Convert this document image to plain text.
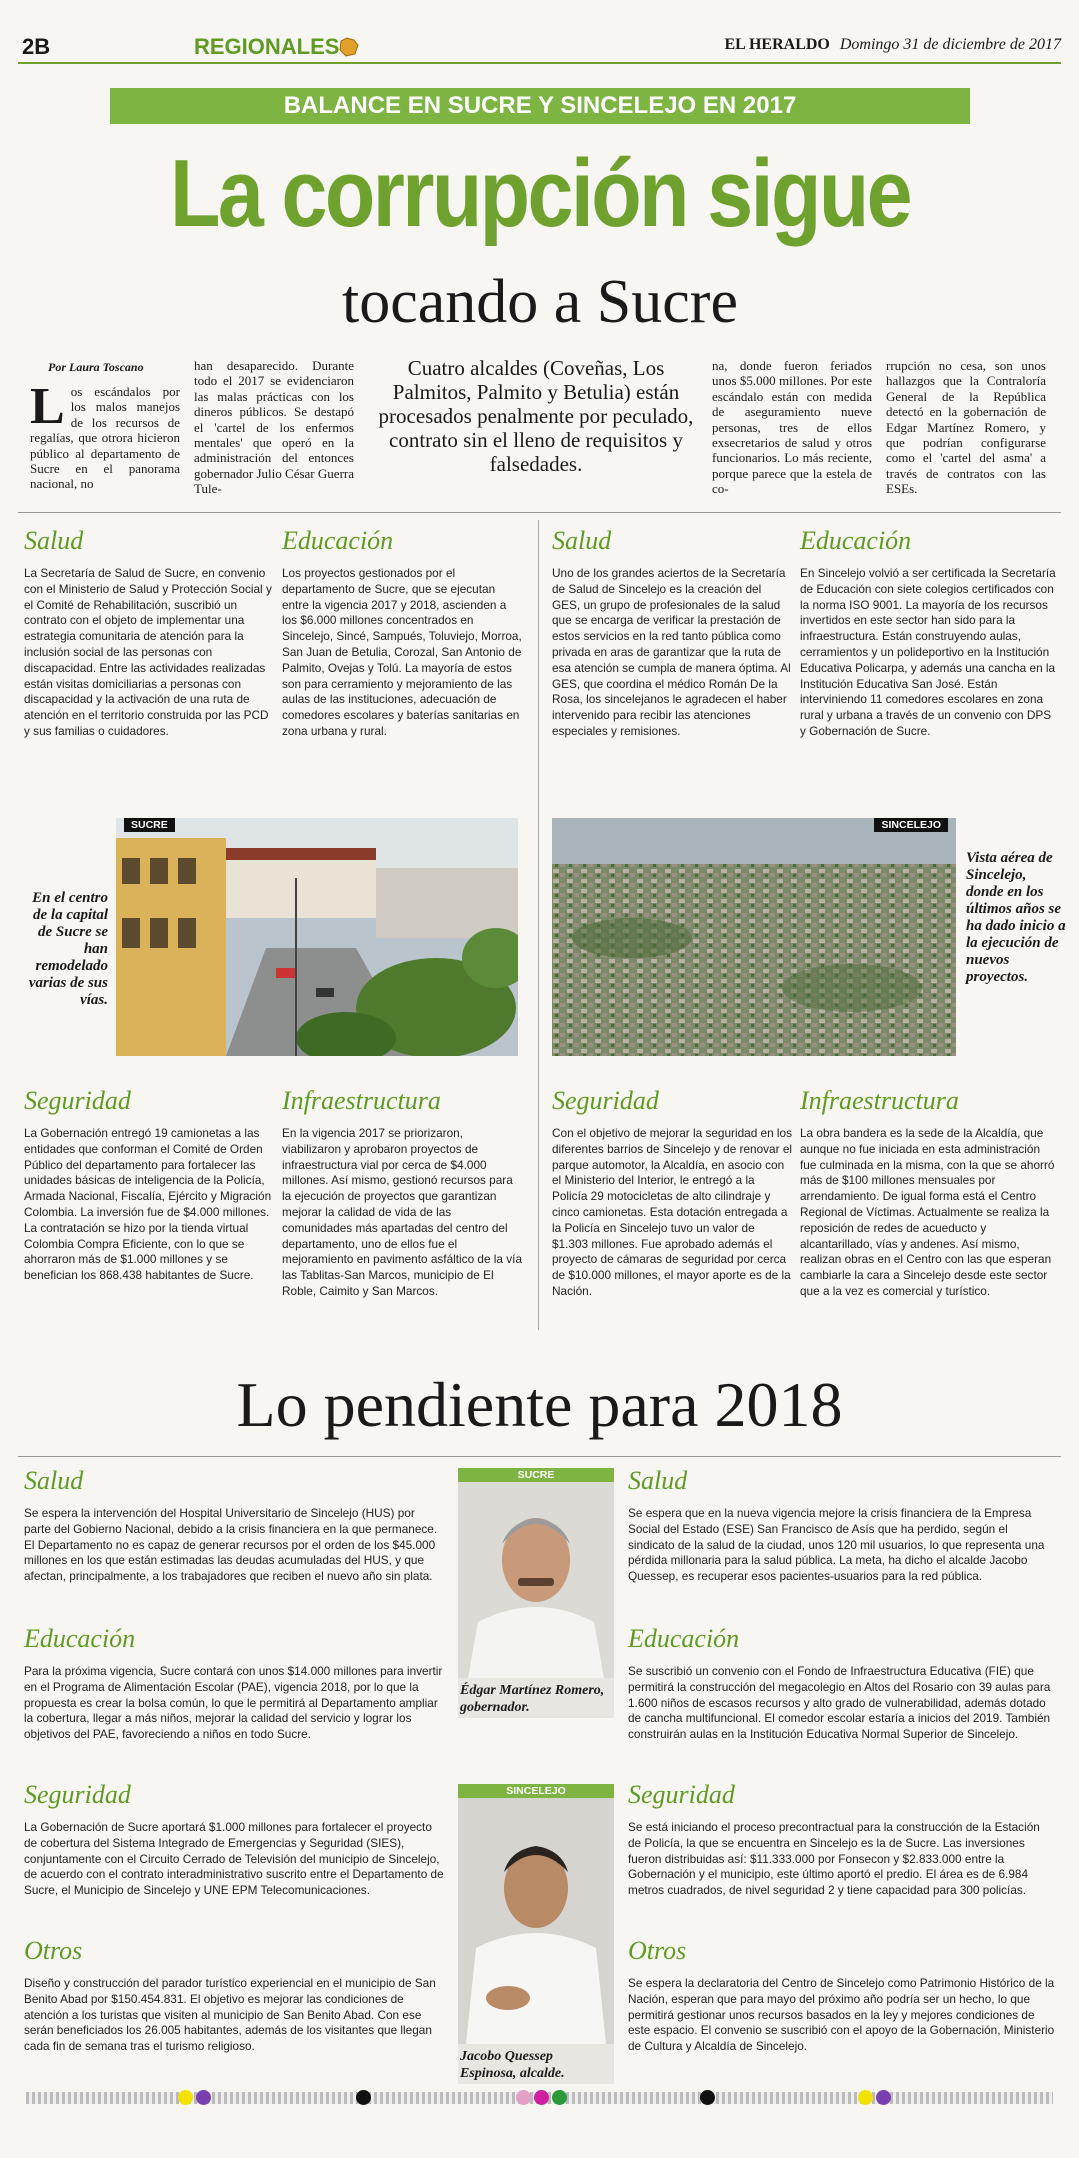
2B	REGIONALES	EL HERALDO Domingo 31 de diciembre de 2017
BALANCE EN SUCRE Y SINCELEJO EN 2017
La corrupción sigue
tocando a Sucre
Por Laura Toscano
Los escándalos por los malos manejos de los recursos de regalías, que otrora hicieron público al departamento de Sucre en el panorama nacional, no
han desaparecido. Durante todo el 2017 se evidenciaron las malas prácticas con los dineros públicos. Se destapó el 'cartel de los enfermos mentales' que operó en la administración del entonces gobernador Julio César Guerra Tule-
Cuatro alcaldes (Coveñas, Los Palmitos, Palmito y Betulia) están procesados penalmente por peculado, contrato sin el lleno de requisitos y falsedades.
na, donde fueron feriados unos $5.000 millones. Por este escándalo están con medida de aseguramiento nueve personas, tres de ellos exsecretarios de salud y otros funcionarios. Lo más reciente, porque parece que la estela de co-
rrupción no cesa, son unos hallazgos que la Contraloría General de la República detectó en la gobernación de Edgar Martínez Romero, y que podrían configurarse como el 'cartel del asma' a través de contratos con las ESEs.
Salud

La Secretaría de Salud de Sucre, en convenio con el Ministerio de Salud y Protección Social y el Comité de Rehabilitación, suscribió un contrato con el objeto de implementar una estrategia comunitaria de atención para la inclusión social de las personas con discapacidad. Entre las actividades realizadas están visitas domiciliarias a personas con discapacidad y la activación de una ruta de atención en el territorio construida por las PCD y sus familias o cuidadores.

Educación

Los proyectos gestionados por el departamento de Sucre, que se ejecutan entre la vigencia 2017 y 2018, ascienden a los $6.000 millones concentrados en Sincelejo, Sincé, Sampués, Toluviejo, Morroa, San Juan de Betulia, Corozal, San Antonio de Palmito, Ovejas y Tolú. La mayoría de estos son para cerramiento y mejoramiento de las aulas de las instituciones, adecuación de comedores escolares y baterías sanitarias en zona urbana y rural.

Salud

Uno de los grandes aciertos de la Secretaría de Salud de Sincelejo es la creación del GES, un grupo de profesionales de la salud que se encarga de verificar la prestación de estos servicios en la red tanto pública como privada en aras de garantizar que la ruta de esa atención se cumpla de manera óptima. Al GES, que coordina el médico Román De la Rosa, los sincelejanos le agradecen el haber intervenido para recibir las atenciones especiales y remisiones.

Educación

En Sincelejo volvió a ser certificada la Secretaría de Educación con siete colegios certificados con la norma ISO 9001. La mayoría de los recursos invertidos en este sector han sido para la infraestructura. Están construyendo aulas, cerramientos y un polideportivo en la Institución Educativa Policarpa, y además una cancha en la Institución Educativa San José. Están interviniendo 11 comedores escolares en zona rural y urbana a través de un convenio con DPS y Gobernación de Sucre.

SUCRE
En el centro de la capital de Sucre se han remodelado varias de sus vías.
SINCELEJO
Vista aérea de Sincelejo, donde en los últimos años se ha dado inicio a la ejecución de nuevos proyectos.
Seguridad

La Gobernación entregó 19 camionetas a las entidades que conforman el Comité de Orden Público del departamento para fortalecer las unidades básicas de inteligencia de la Policía, Armada Nacional, Fiscalía, Ejército y Migración Colombia. La inversión fue de $4.000 millones. La contratación se hizo por la tienda virtual Colombia Compra Eficiente, con lo que se ahorraron más de $1.000 millones y se benefician los 868.438 habitantes de Sucre.

Infraestructura

En la vigencia 2017 se priorizaron, viabilizaron y aprobaron proyectos de infraestructura vial por cerca de $4.000 millones. Así mismo, gestionó recursos para la ejecución de proyectos que garantizan mejorar la calidad de vida de las comunidades más apartadas del centro del departamento, uno de ellos fue el mejoramiento en pavimento asfáltico de la vía las Tablitas-San Marcos, municipio de El Roble, Caimito y San Marcos.

Seguridad

Con el objetivo de mejorar la seguridad en los diferentes barrios de Sincelejo y de renovar el parque automotor, la Alcaldía, en asocio con el Ministerio del Interior, le entregó a la Policía 29 motocicletas de alto cilindraje y cinco camionetas. Esta dotación entregada a la Policía en Sincelejo tuvo un valor de $1.303 millones. Fue aprobado además el proyecto de cámaras de seguridad por cerca de $10.000 millones, el mayor aporte es de la Nación.

Infraestructura

La obra bandera es la sede de la Alcaldía, que aunque no fue iniciada en esta administración fue culminada en la misma, con la que se ahorró más de $100 millones mensuales por arrendamiento. De igual forma está el Centro Regional de Víctimas. Actualmente se realiza la reposición de redes de acueducto y alcantarillado, vías y andenes. Así mismo, realizan obras en el Centro con las que esperan cambiarle la cara a Sincelejo desde este sector que a la vez es comercial y turístico.

Lo pendiente para 2018
Salud

Se espera la intervención del Hospital Universitario de Sincelejo (HUS) por parte del Gobierno Nacional, debido a la crisis financiera en la que permanece. El Departamento no es capaz de generar recursos por el orden de los $45.000 millones en los que están estimadas las deudas acumuladas del HUS, y que afectan, principalmente, a los trabajadores que reciben el nuevo año sin plata.

Educación

Para la próxima vigencia, Sucre contará con unos $14.000 millones para invertir en el Programa de Alimentación Escolar (PAE), vigencia 2018, por lo que la propuesta es crear la bolsa común, lo que le permitirá al Departamento ampliar la cobertura, llegar a más niños, mejorar la calidad del servicio y lograr los objetivos del PAE, favoreciendo a niños en todo Sucre.

Seguridad

La Gobernación de Sucre aportará $1.000 millones para fortalecer el proyecto de cobertura del Sistema Integrado de Emergencias y Seguridad (SIES), conjuntamente con el Circuito Cerrado de Televisión del municipio de Sincelejo, de acuerdo con el contrato interadministrativo suscrito entre el Departamento de Sucre, el Municipio de Sincelejo y UNE EPM Telecomunicaciones.

Otros

Diseño y construcción del parador turístico experiencial en el municipio de San Benito Abad por $150.454.831. El objetivo es mejorar las condiciones de atención a los turistas que visiten al municipio de San Benito Abad. Con ese serán beneficiados los 26.005 habitantes, además de los visitantes que llegan cada fin de semana tras el turismo religioso.

SUCRE
Édgar Martínez Romero, gobernador.
SINCELEJO
Jacobo Quessep Espinosa, alcalde.
Salud

Se espera que en la nueva vigencia mejore la crisis financiera de la Empresa Social del Estado (ESE) San Francisco de Asís que ha perdido, según el sindicato de la salud de la ciudad, unos 120 mil usuarios, lo que representa una pérdida millonaria para la salud pública. La meta, ha dicho el alcalde Jacobo Quessep, es recuperar esos pacientes-usuarios para la red pública.

Educación

Se suscribió un convenio con el Fondo de Infraestructura Educativa (FIE) que permitirá la construcción del megacolegio en Altos del Rosario con 39 aulas para 1.600 niños de escasos recursos y alto grado de vulnerabilidad, además dotado de cancha multifuncional. El comedor escolar estaría a inicios del 2019. También construirán aulas en la Institución Educativa Normal Superior de Sincelejo.

Seguridad

Se está iniciando el proceso precontractual para la construcción de la Estación de Policía, la que se encuentra en Sincelejo es la de Sucre. Las inversiones fueron distribuidas así: $11.333.000 por Fonsecon y $2.833.000 entre la Gobernación y el municipio, este último aportó el predio. El área es de 6.984 metros cuadrados, de nivel seguridad 2 y tiene capacidad para 300 policías.

Otros

Se espera la declaratoria del Centro de Sincelejo como Patrimonio Histórico de la Nación, esperan que para mayo del próximo año podría ser un hecho, lo que permitirá gestionar unos recursos basados en la ley y mejores condiciones de este espacio. El convenio se suscribió con el apoyo de la Gobernación, Ministerio de Cultura y Alcaldía de Sincelejo.
